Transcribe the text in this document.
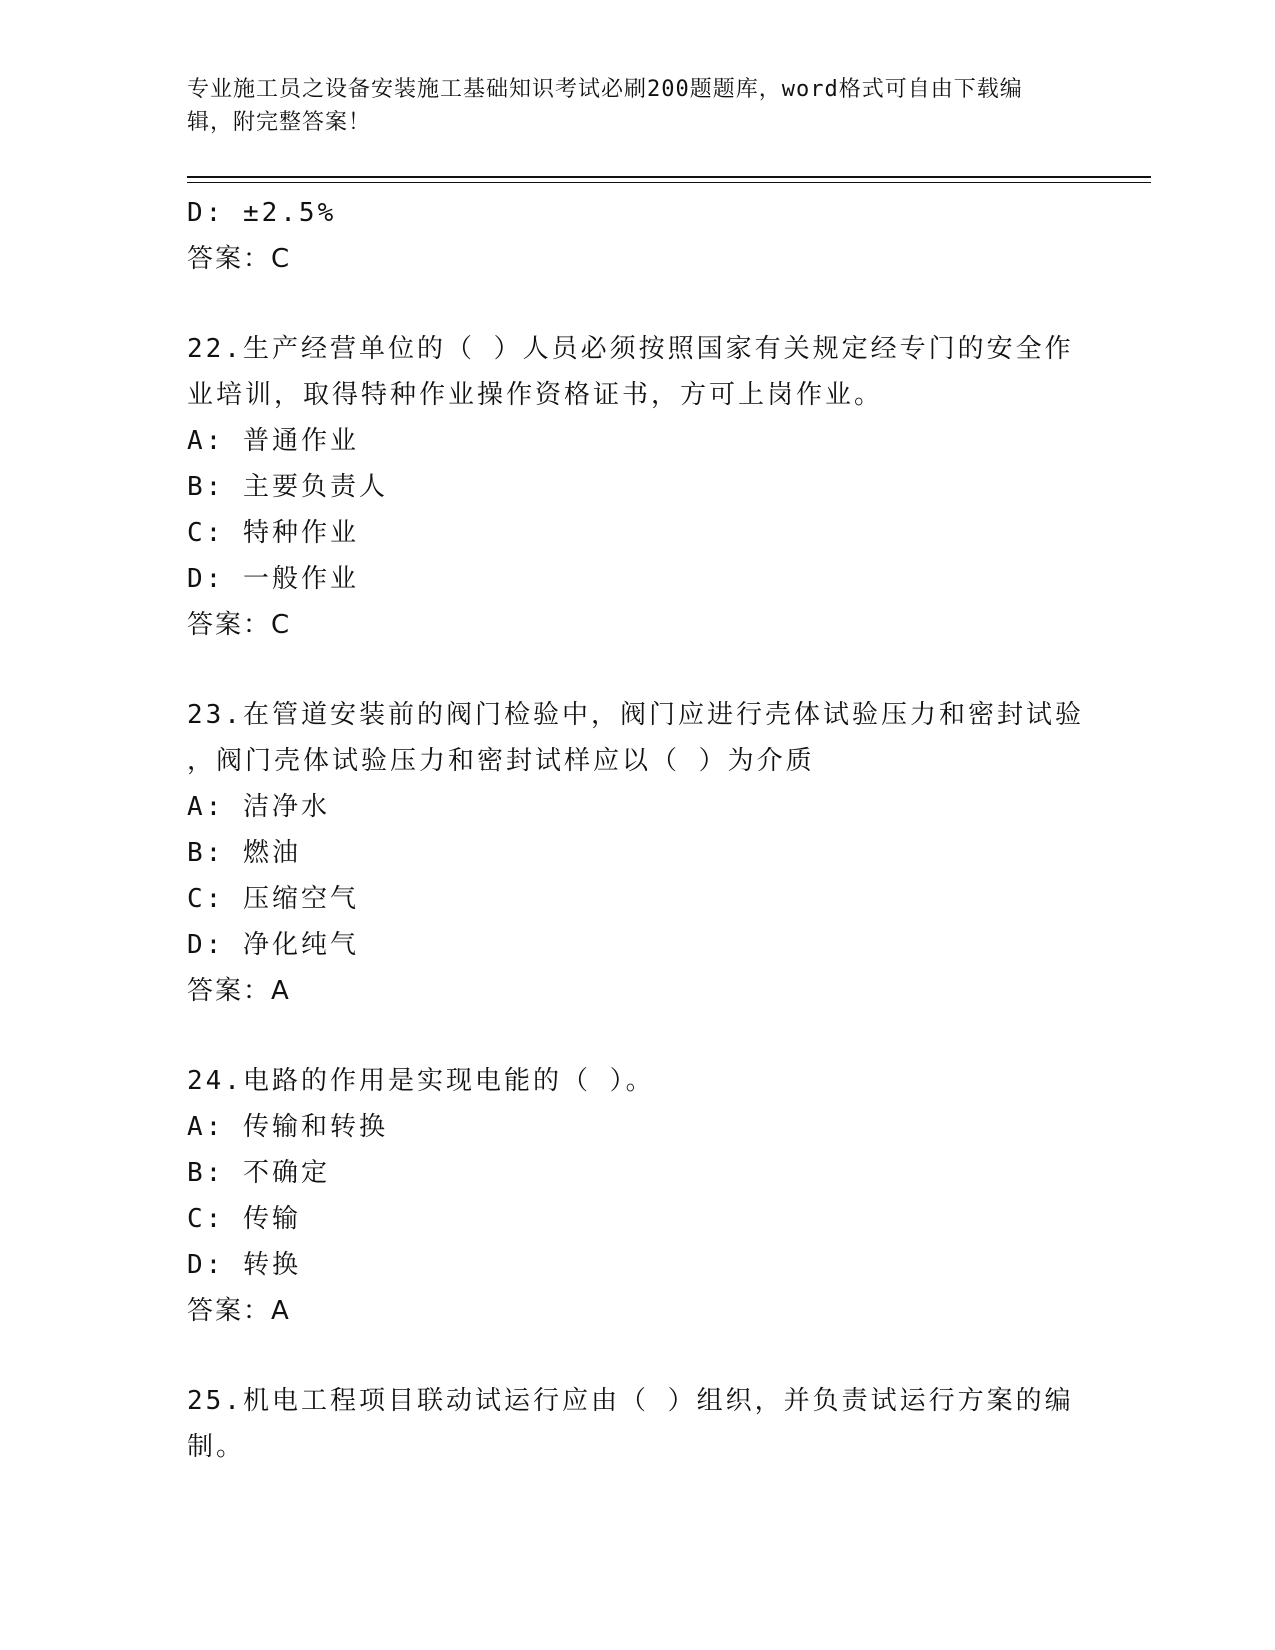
专业施工员之设备安装施工基础知识考试必刷200题题库，word格式可自由下载编辑，附完整答案！
D: ±2.5%
答案：C
22.生产经营单位的（ ）人员必须按照国家有关规定经专门的安全作
业培训，取得特种作业操作资格证书，方可上岗作业。
A: 普通作业
B: 主要负责人
C: 特种作业
D: 一般作业
答案：C
23.在管道安装前的阀门检验中，阀门应进行壳体试验压力和密封试验
，阀门壳体试验压力和密封试样应以（ ）为介质
A: 洁净水
B: 燃油
C: 压缩空气
D: 净化纯气
答案：A
24.电路的作用是实现电能的（ ）。
A: 传输和转换
B: 不确定
C: 传输
D: 转换
答案：A
25.机电工程项目联动试运行应由（ ）组织，并负责试运行方案的编
制。
